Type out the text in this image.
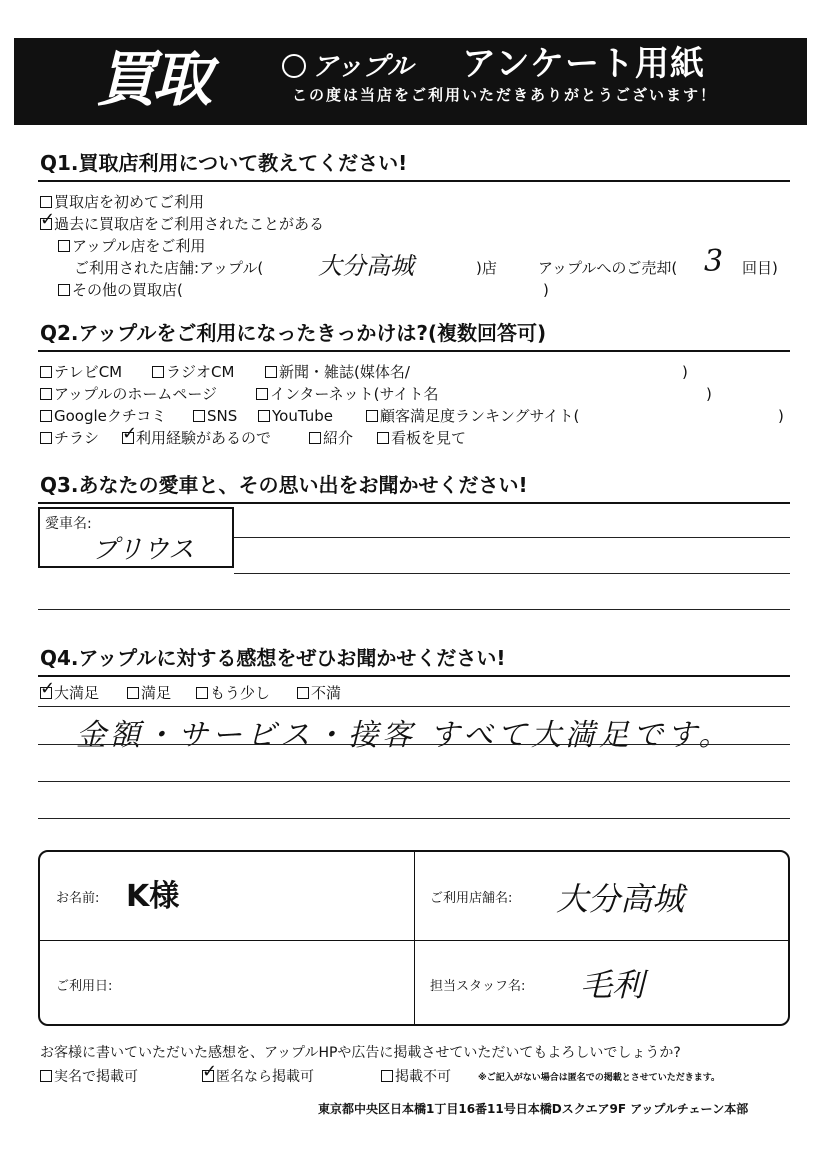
買取	アップル アンケート用紙
この度は当店をご利用いただきありがとうございます！
Q1.買取店利用について教えてください!
買取店を初めてご利用
✓過去に買取店をご利用されたことがある
アップル店をご利用
ご利用された店舗:アップル( 大分高城	)店	アップルへのご売却( 3 回目)
その他の買取店(	)
Q2.アップルをご利用になったきっかけは?(複数回答可)
テレビCM	ラジオCM	新聞・雑誌(媒体名/	)
アップルのホームページ	インターネット(サイト名	)
Googleクチコミ	SNS	YouTube	顧客満足度ランキングサイト(	)
チラシ ✓	利用経験があるので	紹介	看板を見て
Q3.あなたの愛車と、その思い出をお聞かせください!
愛車名:
プリウス
Q4.アップルに対する感想をぜひお聞かせください!
✓大満足	満足	もう少し	不満
金額・サービス・接客 すべて大満足です。
お名前: K様	ご利用店舗名: 大分高城
ご利用日:	担当スタッフ名: 毛利
お客様に書いていただいた感想を、アップルHPや広告に掲載させていただいてもよろしいでしょうか?
実名で掲載可 ✓	匿名なら掲載可	掲載不可	※ご記入がない場合は匿名での掲載とさせていただきます。
東京都中央区日本橋1丁目16番11号日本橋Dスクエア9F アップルチェーン本部
